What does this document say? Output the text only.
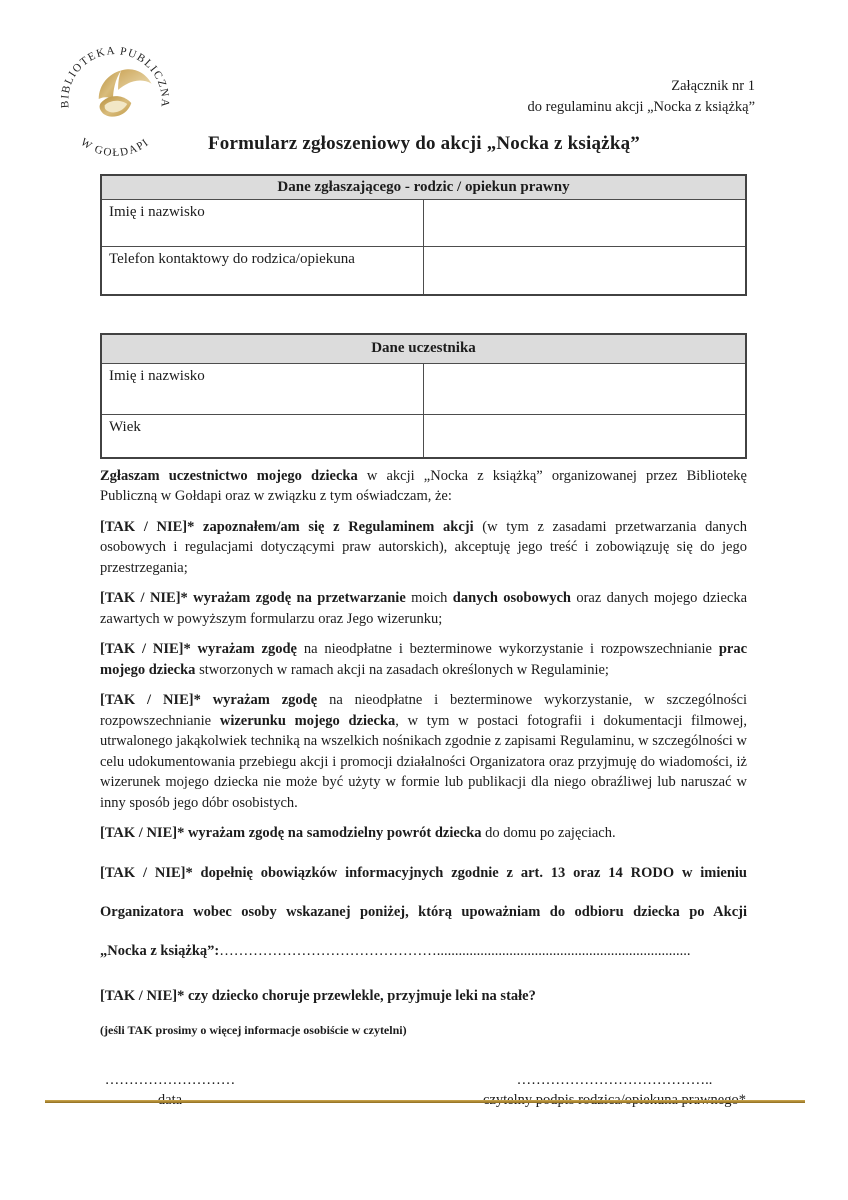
BIBLIOTEKA PUBLICZNA
W GOŁDAPI
Załącznik nr 1
do regulaminu akcji „Nocka z książką”
Formularz zgłoszeniowy do akcji „Nocka z książką”
Dane zgłaszającego - rodzic / opiekun prawny	
Imię i nazwisko	
Telefon kontaktowy do rodzica/opiekuna	
Dane uczestnika	
Imię i nazwisko	
Wiek	

Zgłaszam uczestnictwo mojego dziecka w akcji „Nocka z książką” organizowanej przez Bibliotekę Publiczną w Gołdapi oraz w związku z tym oświadczam, że:

[TAK / NIE]* zapoznałem/am się z Regulaminem akcji (w tym z zasadami przetwarzania danych osobowych i regulacjami dotyczącymi praw autorskich), akceptuję jego treść i zobowiązuję się do jego przestrzegania;

[TAK / NIE]* wyrażam zgodę na przetwarzanie moich danych osobowych oraz danych mojego dziecka zawartych w powyższym formularzu oraz Jego wizerunku;

[TAK / NIE]* wyrażam zgodę na nieodpłatne i bezterminowe wykorzystanie i rozpowszechnianie prac mojego dziecka stworzonych w ramach akcji na zasadach określonych w Regulaminie;

[TAK / NIE]* wyrażam zgodę na nieodpłatne i bezterminowe wykorzystanie, w szczególności rozpowszechnianie wizerunku mojego dziecka, w tym w postaci fotografii i dokumentacji filmowej, utrwalonego jakąkolwiek techniką na wszelkich nośnikach zgodnie z zapisami Regulaminu, w szczególności w celu udokumentowania przebiegu akcji i promocji działalności Organizatora oraz przyjmuję do wiadomości, iż wizerunek mojego dziecka nie może być użyty w formie lub publikacji dla niego obraźliwej lub naruszać w inny sposób jego dóbr osobistych.

[TAK / NIE]* wyrażam zgodę na samodzielny powrót dziecka do domu po zajęciach.

[TAK / NIE]* dopełnię obowiązków informacyjnych zgodnie z art. 13 oraz 14 RODO w imieniu

Organizatora wobec osoby wskazanej poniżej, którą upoważniam do odbioru dziecka po Akcji

„Nocka z książką”:………………………………………......................................................................

[TAK / NIE]* czy dziecko choruje przewlekle, przyjmuje leki na stałe?

(jeśli TAK prosimy o więcej informacje osobiście w czytelni)

………………………	…………………………………..
